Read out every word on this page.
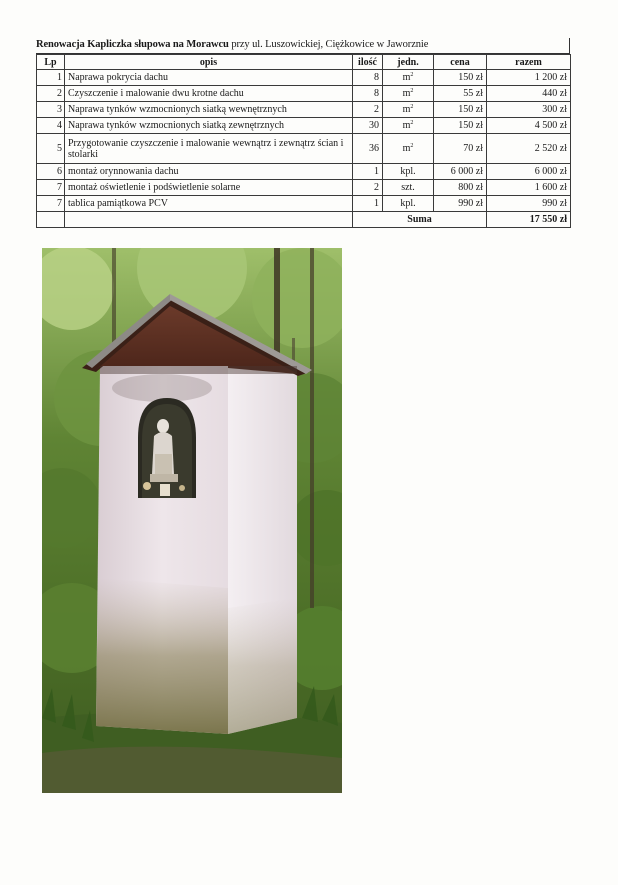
Renowacja Kapliczka słupowa na Morawcu przy ul. Luszowickiej, Ciężkowice w Jaworznie
Lp	opis	ilość	jedn.	cena	razem
1	Naprawa pokrycia dachu	8	$m^2$	150 zł	1 200 zł
2	Czyszczenie i malowanie dwu krotne dachu	8	$m^2$	55 zł	440 zł
3	Naprawa tynków wzmocnionych siatką wewnętrznych	2	$m^2$	150 zł	300 zł
4	Naprawa tynków wzmocnionych siatką zewnętrznych	30	$m^2$	150 zł	4 500 zł
5	Przygotowanie czyszczenie i malowanie wewnątrz i zewnątrz ścian i stolarki	36	$m^2$	70 zł	2 520 zł
6	montaż orynnowania dachu	1	kpl.	6 000 zł	6 000 zł
7	montaż oświetlenie i podświetlenie solarne	2	szt.	800 zł	1 600 zł
7	tablica pamiątkowa PCV	1	kpl.	990 zł	990 zł
		Suma			17 550 zł
